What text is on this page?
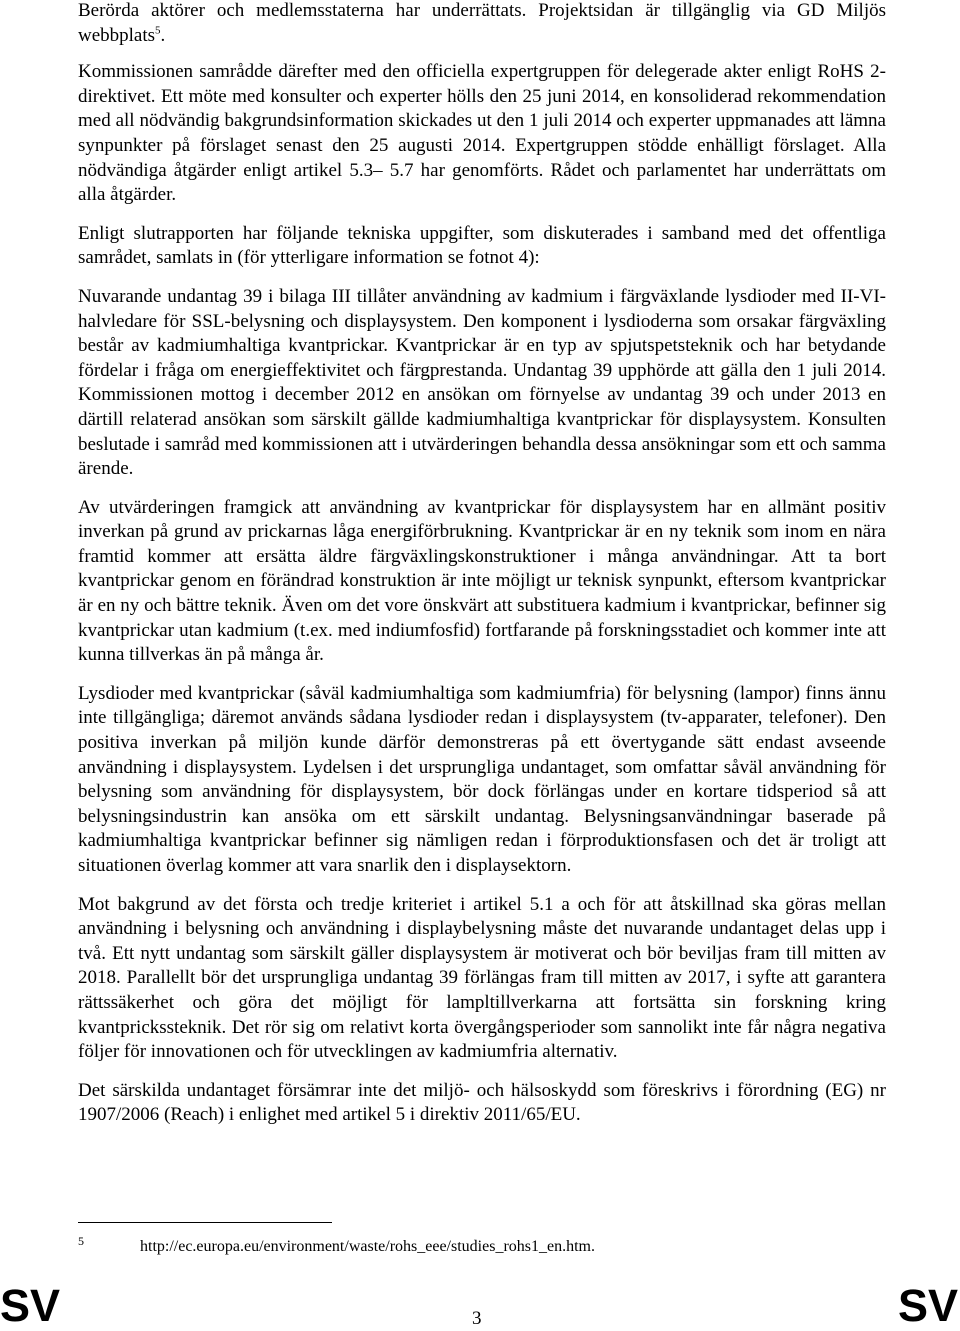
Berörda aktörer och medlemsstaterna har underrättats. Projektsidan är tillgänglig via GD Miljös webbplats$^5$.

Kommissionen samrådde därefter med den officiella expertgruppen för delegerade akter enligt RoHS 2-direktivet. Ett möte med konsulter och experter hölls den 25 juni 2014, en konsoliderad rekommendation med all nödvändig bakgrundsinformation skickades ut den 1 juli 2014 och experter uppmanades att lämna synpunkter på förslaget senast den 25 augusti 2014. Expertgruppen stödde enhälligt förslaget. Alla nödvändiga åtgärder enligt artikel 5.3– 5.7 har genomförts. Rådet och parlamentet har underrättats om alla åtgärder.

Enligt slutrapporten har följande tekniska uppgifter, som diskuterades i samband med det offentliga samrådet, samlats in (för ytterligare information se fotnot 4):

Nuvarande undantag 39 i bilaga III tillåter användning av kadmium i färgväxlande lysdioder med II-VI-halvledare för SSL-belysning och displaysystem. Den komponent i lysdioderna som orsakar färgväxling består av kadmiumhaltiga kvantprickar. Kvantprickar är en typ av spjutspetsteknik och har betydande fördelar i fråga om energieffektivitet och färgprestanda. Undantag 39 upphörde att gälla den 1 juli 2014. Kommissionen mottog i december 2012 en ansökan om förnyelse av undantag 39 och under 2013 en därtill relaterad ansökan som särskilt gällde kadmiumhaltiga kvantprickar för displaysystem. Konsulten beslutade i samråd med kommissionen att i utvärderingen behandla dessa ansökningar som ett och samma ärende.

Av utvärderingen framgick att användning av kvantprickar för displaysystem har en allmänt positiv inverkan på grund av prickarnas låga energiförbrukning. Kvantprickar är en ny teknik som inom en nära framtid kommer att ersätta äldre färgväxlingskonstruktioner i många användningar. Att ta bort kvantprickar genom en förändrad konstruktion är inte möjligt ur teknisk synpunkt, eftersom kvantprickar är en ny och bättre teknik. Även om det vore önskvärt att substituera kadmium i kvantprickar, befinner sig kvantprickar utan kadmium (t.ex. med indiumfosfid) fortfarande på forskningsstadiet och kommer inte att kunna tillverkas än på många år.

Lysdioder med kvantprickar (såväl kadmiumhaltiga som kadmiumfria) för belysning (lampor) finns ännu inte tillgängliga; däremot används sådana lysdioder redan i displaysystem (tv-apparater, telefoner). Den positiva inverkan på miljön kunde därför demonstreras på ett övertygande sätt endast avseende användning i displaysystem. Lydelsen i det ursprungliga undantaget, som omfattar såväl användning för belysning som användning för displaysystem, bör dock förlängas under en kortare tidsperiod så att belysningsindustrin kan ansöka om ett särskilt undantag. Belysningsanvändningar baserade på kadmiumhaltiga kvantprickar befinner sig nämligen redan i förproduktionsfasen och det är troligt att situationen överlag kommer att vara snarlik den i displaysektorn.

Mot bakgrund av det första och tredje kriteriet i artikel 5.1 a och för att åtskillnad ska göras mellan användning i belysning och användning i displaybelysning måste det nuvarande undantaget delas upp i två. Ett nytt undantag som särskilt gäller displaysystem är motiverat och bör beviljas fram till mitten av 2018. Parallellt bör det ursprungliga undantag 39 förlängas fram till mitten av 2017, i syfte att garantera rättssäkerhet och göra det möjligt för lampltillverkarna att fortsätta sin forskning kring kvantprickssteknik. Det rör sig om relativt korta övergångsperioder som sannolikt inte får några negativa följer för innovationen och för utvecklingen av kadmiumfria alternativ.

Det särskilda undantaget försämrar inte det miljö- och hälsoskydd som föreskrivs i förordning (EG) nr 1907/2006 (Reach) i enlighet med artikel 5 i direktiv 2011/65/EU.

5	http://ec.europa.eu/environment/waste/rohs_eee/studies_rohs1_en.htm.
SV	3	SV
